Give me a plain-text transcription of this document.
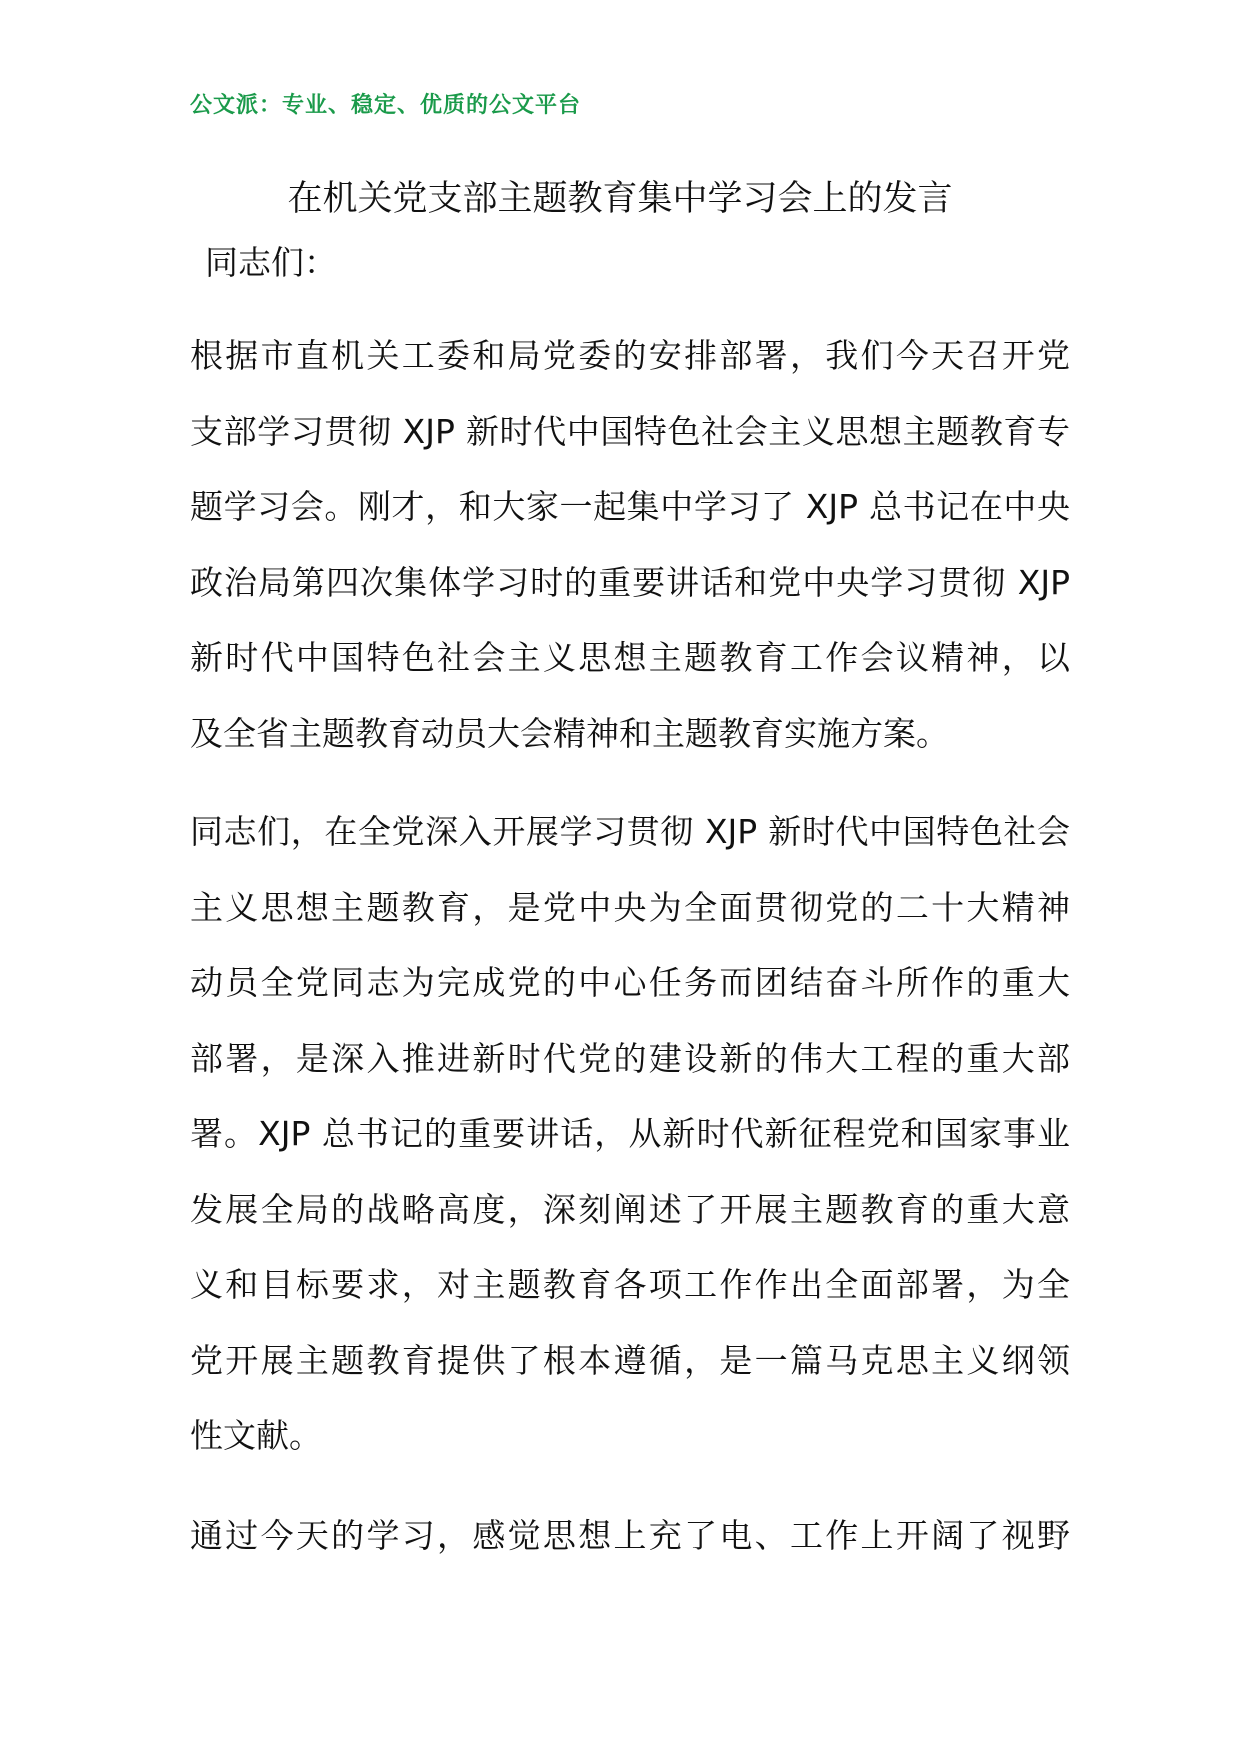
公文派：专业、稳定、优质的公文平台
在机关党支部主题教育集中学习会上的发言
同志们：

根据市直机关工委和局党委的安排部署，我们今天召开党
支部学习贯彻 XJP 新时代中国特色社会主义思想主题教育专
题学习会。刚才，和大家一起集中学习了 XJP 总书记在中央
政治局第四次集体学习时的重要讲话和党中央学习贯彻 XJP
新时代中国特色社会主义思想主题教育工作会议精神，以
及全省主题教育动员大会精神和主题教育实施方案。

同志们，在全党深入开展学习贯彻 XJP 新时代中国特色社会
主义思想主题教育，是党中央为全面贯彻党的二十大精神
动员全党同志为完成党的中心任务而团结奋斗所作的重大
部署，是深入推进新时代党的建设新的伟大工程的重大部
署。XJP 总书记的重要讲话，从新时代新征程党和国家事业
发展全局的战略高度，深刻阐述了开展主题教育的重大意
义和目标要求，对主题教育各项工作作出全面部署，为全
党开展主题教育提供了根本遵循，是一篇马克思主义纲领
性文献。

通过今天的学习，感觉思想上充了电、工作上开阔了视野
